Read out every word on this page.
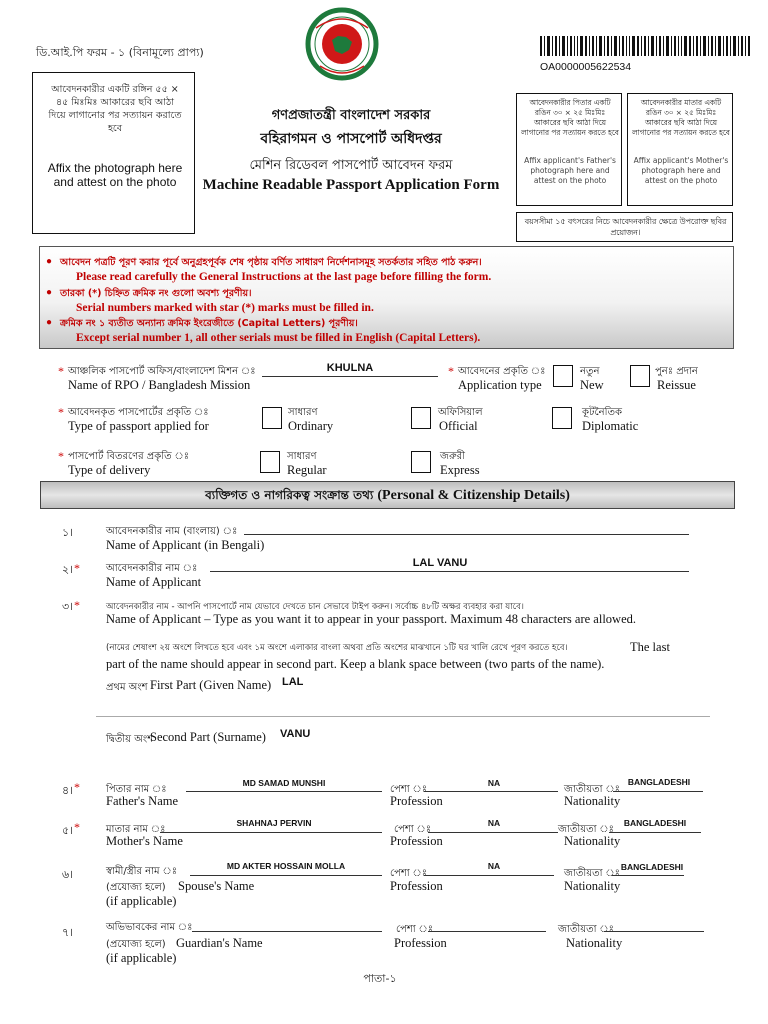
ডি.আই.পি ফরম - ১ (বিনামূল্যে প্রাপ্য)
আবেদনকারীর একটি রঙ্গিন ৫৫ × ৪৫ মিঃমিঃ আকারের ছবি আঠা দিয়ে লাগানোর পর সত্যায়ন করাতে হবে
Affix the photograph here and attest on the photo
OA0000005622534
গণপ্রজাতন্ত্রী বাংলাদেশ সরকার
বহিরাগমন ও পাসপোর্ট অধিদপ্তর
মেশিন রিডেবল পাসপোর্ট আবেদন ফরম
Machine Readable Passport Application Form
আবেদনকারীর পিতার একটি রঙিন ৩০ × ২৫ মিঃমিঃ আকারের ছবি আঠা দিয়ে লাগানোর পর সত্যায়ন করতে হবে
Affix applicant's Father's photograph here and attest on the photo
আবেদনকারীর মাতার একটি রঙিন ৩০ × ২৫ মিঃমিঃ আকারের ছবি আঠা দিয়ে লাগানোর পর সত্যায়ন করতে হবে
Affix applicant's Mother's photograph here and attest on the photo
বয়সসীমা ১৫ বৎসরের নিচে আবেদনকারীর ক্ষেত্রে উপরোক্ত ছবির প্রয়োজন।
আবেদন পত্রটি পূরণ করার পূর্বে অনুগ্রহপূর্বক শেষ পৃষ্ঠায় বর্ণিত সাধারণ নির্দেশনাসমূহ সতর্কতার সহিত পাঠ করুন।
●
Please read carefully the General Instructions at the last page before filling the form.
● তারকা (*) চিহ্নিত ক্রমিক নং গুলো অবশ্য পূরণীয়।
Serial numbers marked with star (*) marks must be filled in.
● ক্রমিক নং ১ ব্যতীত অন্যান্য ক্রমিক ইংরেজীতে (Capital Letters) পূরণীয়।
Except serial number 1, all other serials must be filled in English (Capital Letters).
* আঞ্চলিক পাসপোর্ট অফিস/বাংলাদেশ মিশন ঃ
Name of RPO / Bangladesh Mission
KHULNA	* আবেদনের প্রকৃতি ঃ
Application type
নতুন
New
পুনঃ প্রদান
Reissue
* আবেদনকৃত পাসপোর্টের প্রকৃতি ঃ
Type of passport applied for
সাধারণ
Ordinary
অফিসিয়াল
Official
কূটনৈতিক
Diplomatic
* পাসপোর্ট বিতরণের প্রকৃতি ঃ
Type of delivery
সাধারণ
Regular
জরুরী
Express
ব্যক্তিগত ও নাগরিকত্ব সংক্রান্ত তথ্য (Personal & Citizenship Details)
১।	আবেদনকারীর নাম (বাংলায়) ঃ
Name of Applicant (in Bengali)
২। *	আবেদনকারীর নাম ঃ
Name of Applicant
LAL VANU
৩। *	আবেদনকারীর নাম - আপনি পাসপোর্টে নাম যেভাবে দেখতে চান সেভাবে টাইপ করুন। সর্বোচ্চ ৪৮টি অক্ষর ব্যবহার করা যাবে।
Name of Applicant – Type as you want it to appear in your passport. Maximum 48 characters are allowed.
(নামের শেষাংশ ২য় অংশে লিখতে হবে এবং ১ম অংশে এলাকার বাংলা অথবা প্রতি অংশের মাঝখানে ১টি ঘর খালি রেখে পূরণ করতে হবে।	The last
part of the name should appear in second part. Keep a blank space between (two parts of the name).
প্রথম অংশ First Part (Given Name) LAL
দ্বিতীয় অংশ
Second Part (Surname) VANU
৪। *	পিতার নাম ঃ
Father's Name
MD SAMAD MUNSHI
পেশা ঃ
Profession
NA
জাতীয়তা ঃ
Nationality
BANGLADESHI
৫। *	মাতার নাম ঃ
Mother's Name
SHAHNAJ PERVIN
পেশা ঃ
Profession
NA
জাতীয়তা ঃ
Nationality
BANGLADESHI
৬।	স্বামী/স্ত্রীর নাম ঃ
(প্রযোজ্য হলে) Spouse's Name
(if applicable)
MD AKTER HOSSAIN MOLLA
পেশা ঃ
Profession
NA
জাতীয়তা ঃ
Nationality
BANGLADESHI
৭।	অভিভাবকের নাম ঃ
(প্রযোজ্য হলে) Guardian's Name
(if applicable)
পেশা ঃ
Profession
জাতীয়তা ঃ
Nationality
পাতা-১
